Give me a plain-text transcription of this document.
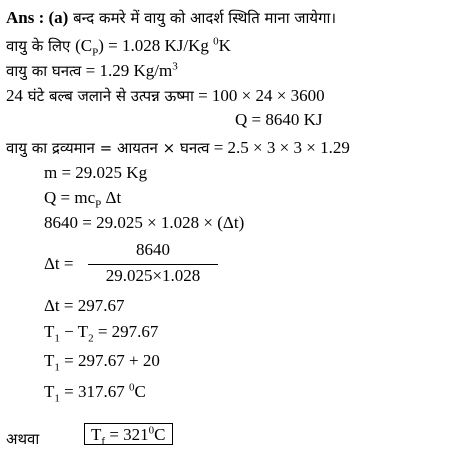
Ans : (a) बन्द कमरे में वायु को आदर्श स्थिति माना जायेगा।
वायु के लिए $(C_P) = 1.028$ KJ/Kg $^0$K
वायु का घनत्व = 1.29 $Kg/m^3$
24 घंटे बल्ब जलाने से उत्पन्न ऊष्मा = 100 × 24 × 3600
Q = 8640 KJ
वायु का द्रव्यमान = आयतन × घनत्व = 2.5 × 3 × 3 × 1.29
m = 29.025 Kg
$Q = mc_P$ Δt
8640 = 29.025 × 1.028 × (Δt)
Δt =
8640
29.025×1.028
Δt = 297.67
$T_1 - T_2 = 297.67$
$T_1 = 297.67 + 20$
$T_1 = 317.67$ $^0$C
अथवा	$T_f = 321^0C$
